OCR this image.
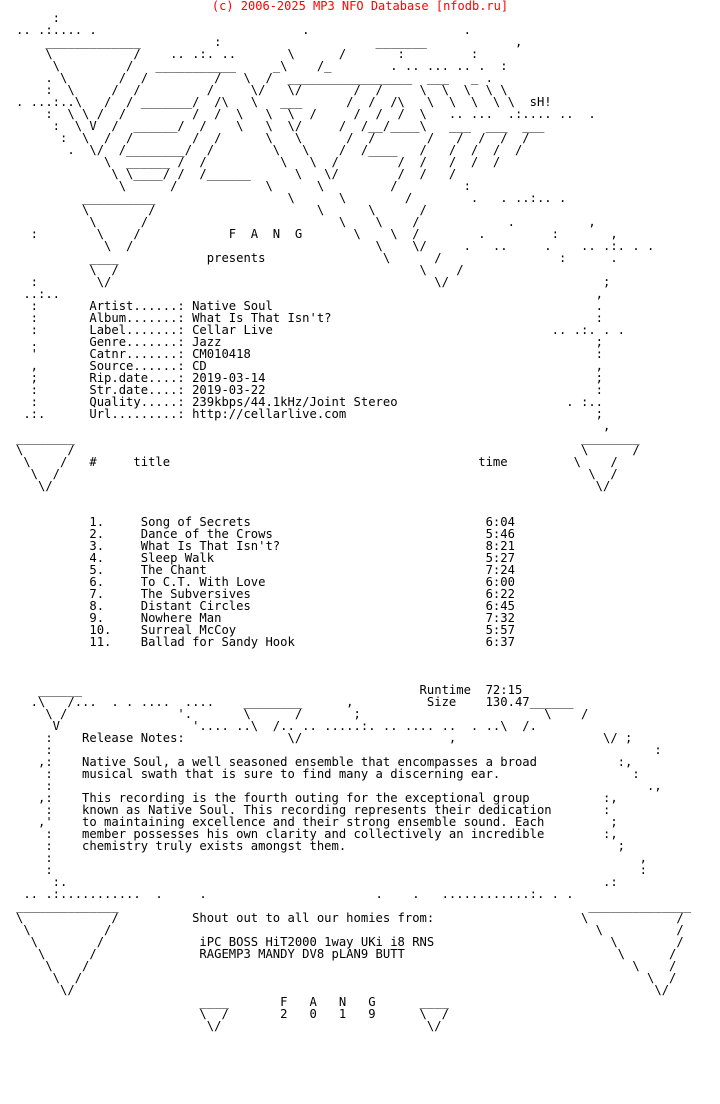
(c) 2006-2025 MP3 NFO Database [nfodb.ru]
:
.. .:.... .                            .                     .
_____________          :                     _______            ,
\           /    .. .:. ..       \      /       :         :
\         /   ___________     _\    /_        . .. ... .. .  :
. \       /  /         /   \  /  _________________  ___   _ .
:  \     /  /         /     \/   \/       /  /     \  \  \  \ \
. ...:..\   /  / _______/  /\   \   ___      /  /  /\   \  \  \  \ \  sH!
:  \ \ /  /         /  /  \   \  \  /     /  /  /  \   .. ...  .:.... ..  .
:  \ V  /  ______/  /    \   \  \/     /  /__/____\   ___  ___  ___
:  \  /  /        /  /      \   \      /  /       /   /  /  /  /
.  \/  /________/  /        \   \    /  /____   /   /  /  /  /
\  ______ /  /          \   \  /        /  /   /  /  /
\ \____/ /  /______      \   \/        /  /   /
\      /            \      \         /         :
__________                  \      \        /        .   . ..:.. .
\        /                      \      \      /
\      /                          \    \    /            .          ,
:        \    /            F  A  N  G       \    \  /        .         :       ,
\  /                                 \    \/     .   ..     .    .. .:. . .
____            presents                \      /                :      .
\  /                                         \    /
:        \/                                            \/                     ;
..:..                                                                         ,
:       Artist......: Native Soul                                            .
:       Album.......: What Is That Isn't?                                    :
:       Label.......: Cellar Live                                      .. .:. . .
.       Genre.......: Jazz                                                   ;
'       Catnr.......: CM010418                                               :
,       Source......: CD                                                     ,
;       Rip.date....: 2019-03-14                                             ;
:       Str.date....: 2019-03-22                                             :
:       Quality.....: 239kbps/44.1kHz/Joint Stereo                       . :..
.:.      Url.........: http://cellarlive.com                                  ;
,
________                                                                     ________
\      /                                                                     \      /
\    /   #     title                                          time         \    /
\  /                                                                        \  /
\/                                                                          \/

1.     Song of Secrets                                6:04
2.     Dance of the Crows                             5:46
3.     What Is That Isn't?                            8:21
4.     Sleep Walk                                     5:27
5.     The Chant                                      7:24
6.     To C.T. With Love                              6:00
7.     The Subversives                                6:22
8.     Distant Circles                                6:45
9.     Nowhere Man                                    7:32
10.    Surreal McCoy                                  5:57
11.    Ballad for Sandy Hook                          6:37

______                                              Runtime  72:15
.\   /...  . . ....  ....    ________      ,          Size    130.47______
\ /               '.       \      /       ;                         \    /
V                  '.... ..\  /.. .. .....:. .. .... ..  . ..\  /.
:    Release Notes:              \/                    ,                    \/ ;
:                                                                                  :
,:    Native Soul, a well seasoned ensemble that encompasses a broad           :,
:    musical swath that is sure to find many a discerning ear.                  :
:                                                                                 .,
,:    This recording is the fourth outing for the exceptional group          :,
:    known as Native Soul. This recording represents their dedication       :
,'    to maintaining excellence and their strong ensemble sound. Each         ;
:    member possesses his own clarity and collectively an incredible        :,
:    chemistry truly exists amongst them.                                     ;
:                                                                                ,
:                                                                                :
:.                                                                         .:
.. .:...........  .     .                       .    .   ............:. . .
______________                                                                ______________
\            /          Shout out to all our homies from:                    \            /
\          /                                                                  \          /
\        /             iPC BOSS HiT2000 1way UKi i8 RNS                        \        /
\      /              RAGEMP3 MANDY DV8 pLAN9 BUTT                             \      /
\    /                                                                          \    /
\  /                                                                             \  /
\/                                                                               \/
____       F   A   N   G      ____
\  /       2   0   1   9      \  /
\/                            \/
